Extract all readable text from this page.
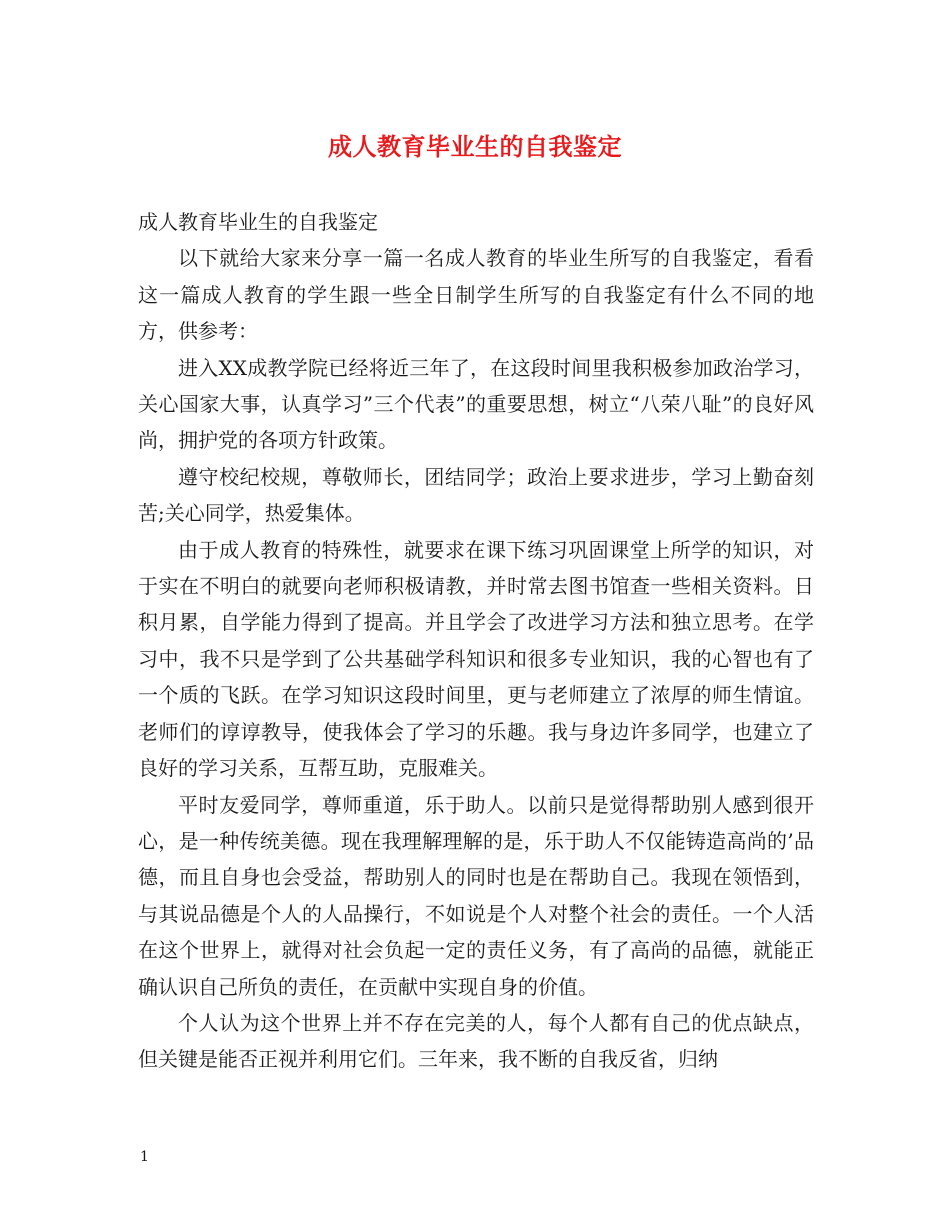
成人教育毕业生的自我鉴定

成人教育毕业生的自我鉴定

以下就给大家来分享一篇一名成人教育的毕业生所写的自我鉴定，看看这一篇成人教育的学生跟一些全日制学生所写的自我鉴定有什么不同的地方，供参考：

进入XX成教学院已经将近三年了，在这段时间里我积极参加政治学习，关心国家大事，认真学习”三个代表”的重要思想，树立“八荣八耻”的良好风尚，拥护党的各项方针政策。

遵守校纪校规，尊敬师长，团结同学；政治上要求进步，学习上勤奋刻苦;关心同学，热爱集体。

由于成人教育的特殊性，就要求在课下练习巩固课堂上所学的知识，对于实在不明白的就要向老师积极请教，并时常去图书馆查一些相关资料。日积月累，自学能力得到了提高。并且学会了改进学习方法和独立思考。在学习中，我不只是学到了公共基础学科知识和很多专业知识，我的心智也有了一个质的飞跃。在学习知识这段时间里，更与老师建立了浓厚的师生情谊。老师们的谆谆教导，使我体会了学习的乐趣。我与身边许多同学，也建立了良好的学习关系，互帮互助，克服难关。

平时友爱同学，尊师重道，乐于助人。以前只是觉得帮助别人感到很开心，是一种传统美德。现在我理解理解的是，乐于助人不仅能铸造高尚的’品德，而且自身也会受益，帮助别人的同时也是在帮助自己。我现在领悟到，与其说品德是个人的人品操行，不如说是个人对整个社会的责任。一个人活在这个世界上，就得对社会负起一定的责任义务，有了高尚的品德，就能正确认识自己所负的责任，在贡献中实现自身的价值。

个人认为这个世界上并不存在完美的人，每个人都有自己的优点缺点，但关键是能否正视并利用它们。三年来，我不断的自我反省，归纳

1
